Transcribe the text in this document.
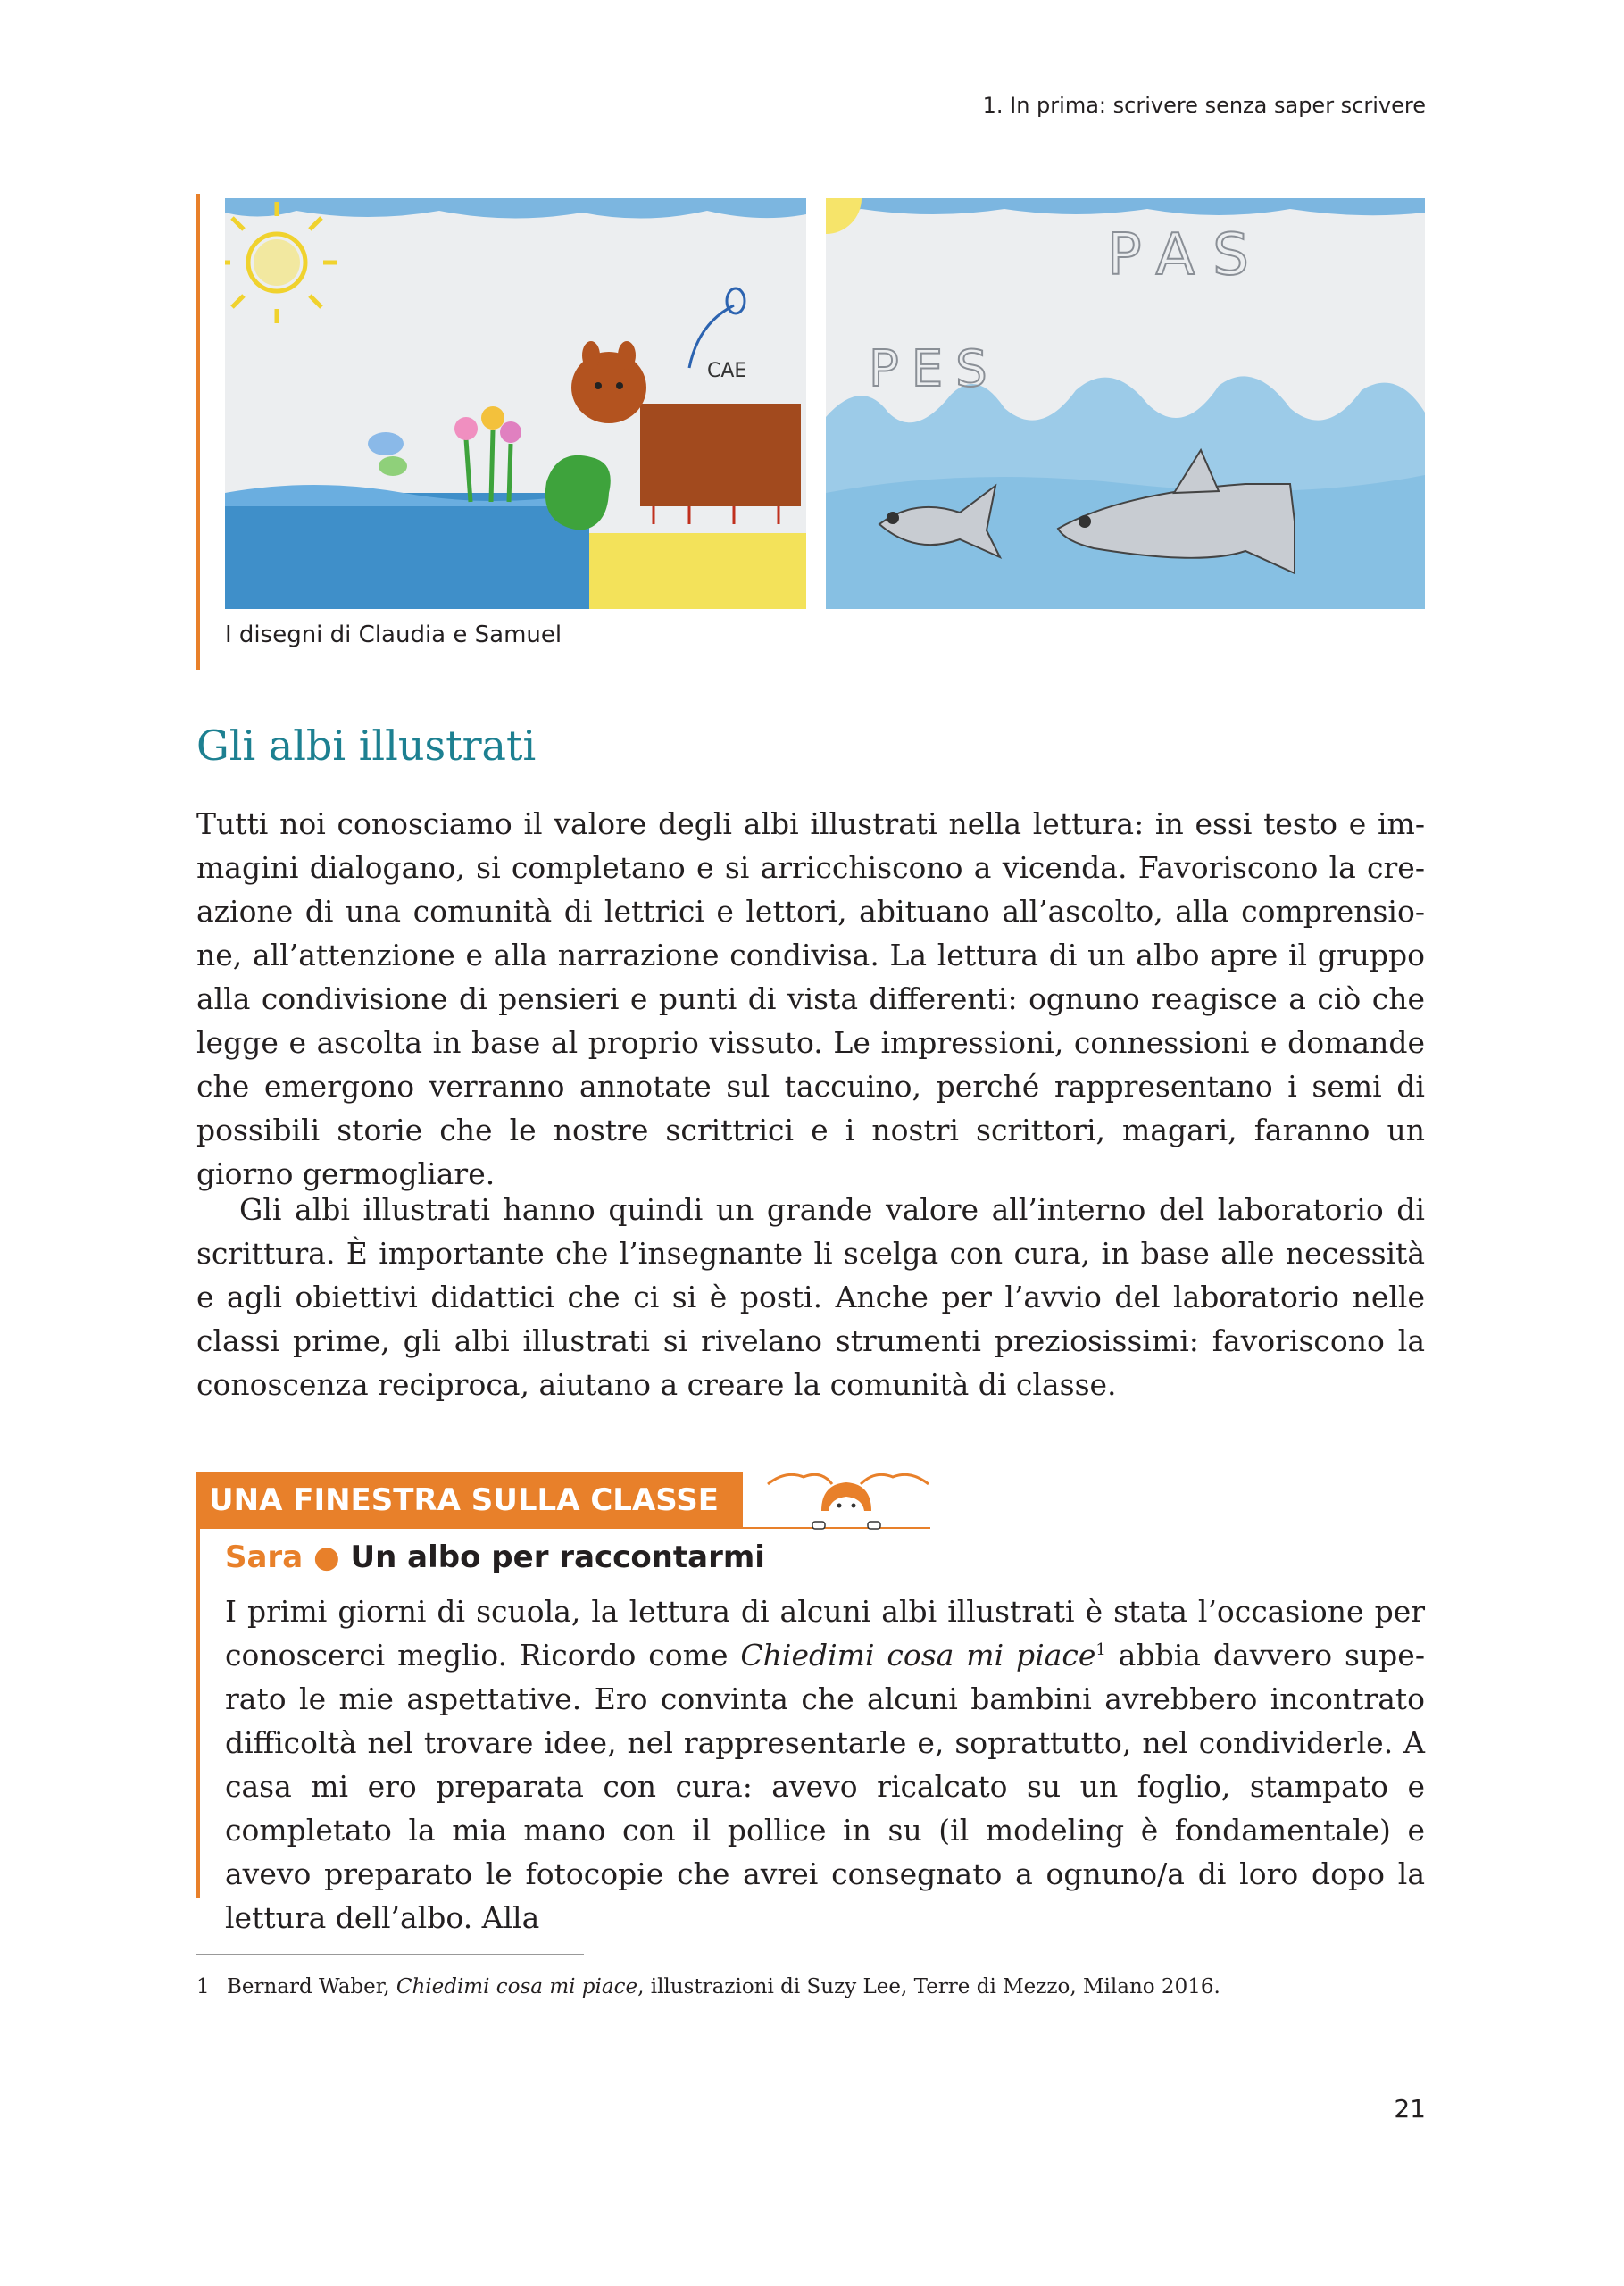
1. In prima: scrivere senza saper scrivere
CAE
PAS
PES
I disegni di Claudia e Samuel
Gli albi illustrati

Tutti noi conosciamo il valore degli albi illustrati nella lettura: in essi testo e immagini dialogano, si completano e si arricchiscono a vicenda. Favoriscono la creazione di una comunità di lettrici e lettori, abituano all’ascolto, alla comprensione, all’attenzione e alla narrazione condivisa. La lettura di un albo apre il gruppo alla condivisione di pensieri e punti di vista differenti: ognuno reagisce a ciò che legge e ascolta in base al proprio vissuto. Le impressioni, connessioni e domande che emergono verranno annotate sul taccuino, perché rappresentano i semi di possibili storie che le nostre scrittrici e i nostri scrittori, magari, faranno un giorno germogliare.

Gli albi illustrati hanno quindi un grande valore all’interno del laboratorio di scrittura. È importante che l’insegnante li scelga con cura, in base alle necessità e agli obiettivi didattici che ci si è posti. Anche per l’avvio del laboratorio nelle classi prime, gli albi illustrati si rivelano strumenti preziosissimi: favoriscono la conoscenza reciproca, aiutano a creare la comunità di classe.

UNA FINESTRA SULLA CLASSE
Sara ● Un albo per raccontarmi

I primi giorni di scuola, la lettura di alcuni albi illustrati è stata l’occasione per conoscerci meglio. Ricordo come Chiedimi cosa mi piace$^1$ abbia davvero superato le mie aspettative. Ero convinta che alcuni bambini avrebbero incontrato difficoltà nel trovare idee, nel rappresentarle e, soprattutto, nel condividerle. A casa mi ero preparata con cura: avevo ricalcato su un foglio, stampato e completato la mia mano con il pollice in su (il modeling è fondamentale) e avevo preparato le fotocopie che avrei consegnato a ognuno/a di loro dopo la lettura dell’albo. Alla

1 Bernard Waber, Chiedimi cosa mi piace, illustrazioni di Suzy Lee, Terre di Mezzo, Milano 2016.

21
